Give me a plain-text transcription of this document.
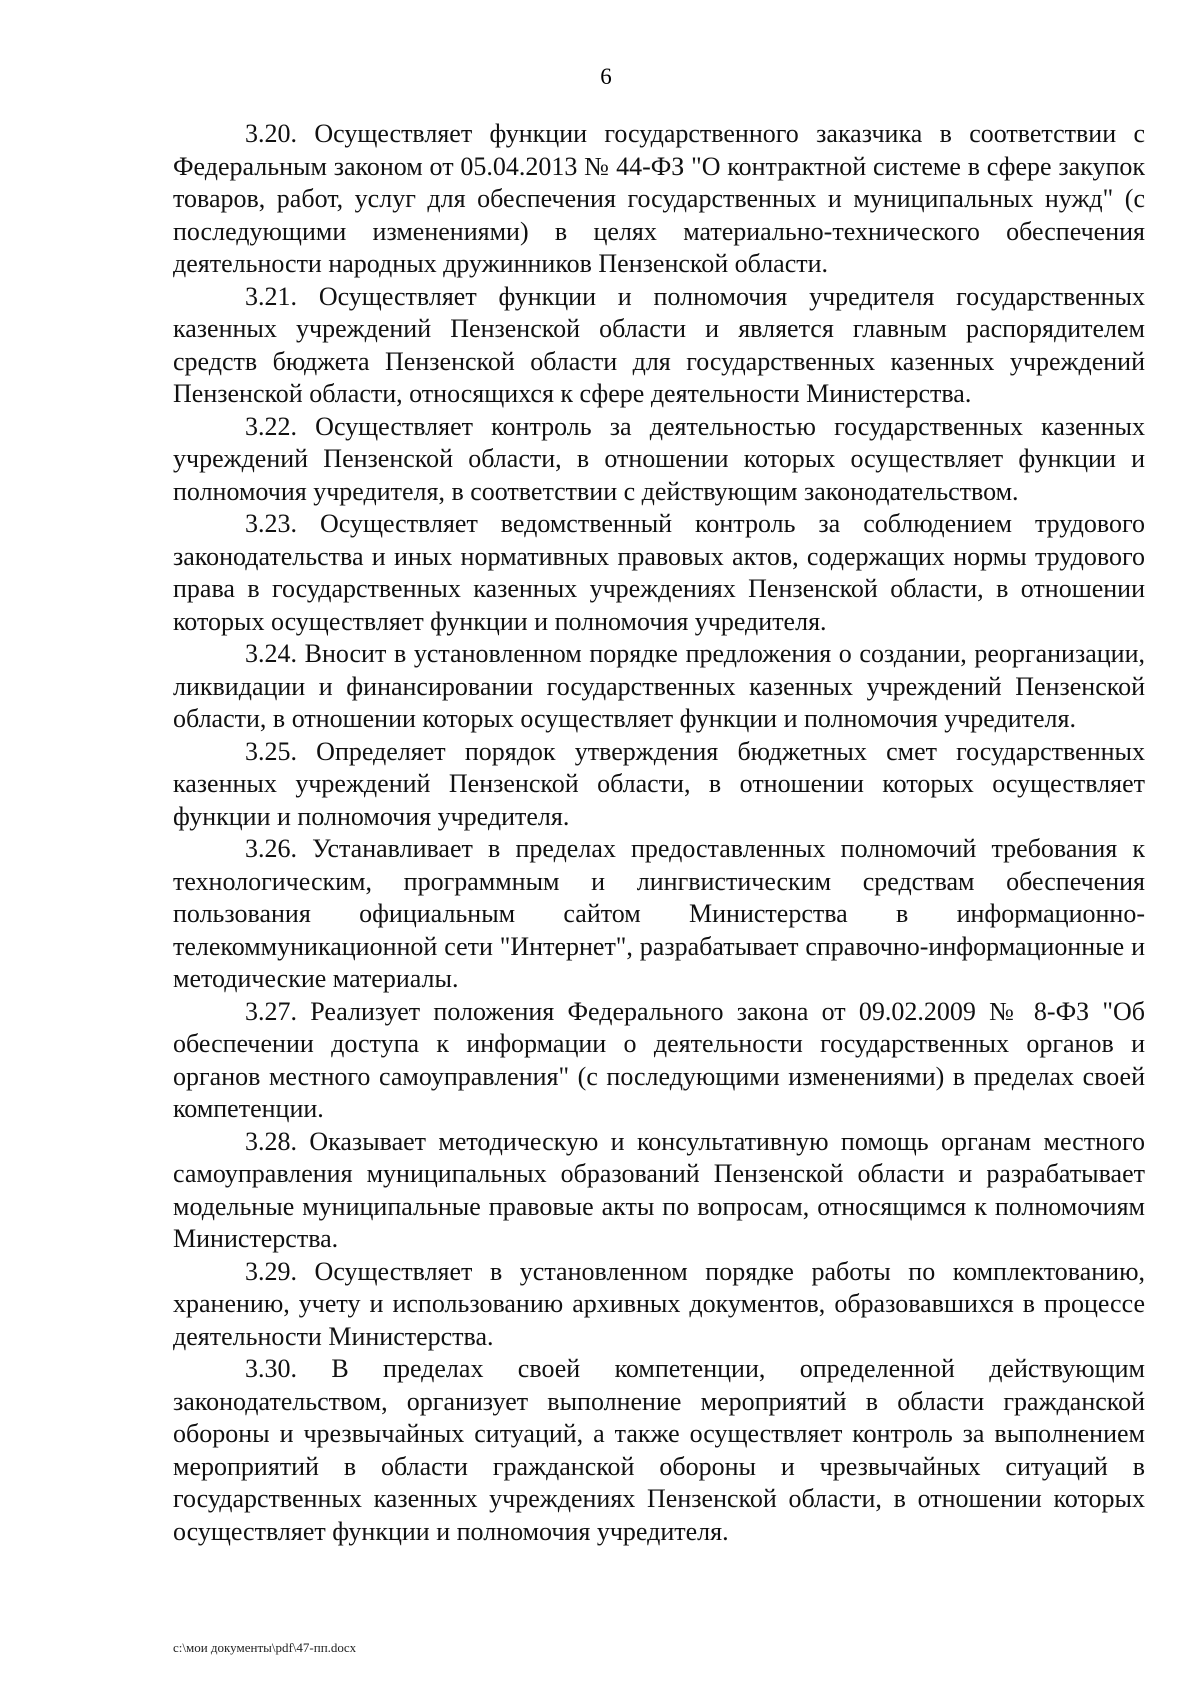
6

3.20. Осуществляет функции государственного заказчика в соответствии с Федеральным законом от 05.04.2013 № 44-ФЗ "О контрактной системе в сфере закупок товаров, работ, услуг для обеспечения государственных и муниципальных нужд" (с последующими изменениями) в целях материально-технического обеспечения деятельности народных дружинников Пензенской области.

3.21. Осуществляет функции и полномочия учредителя государственных казенных учреждений Пензенской области и является главным распорядителем средств бюджета Пензенской области для государственных казенных учреждений Пензенской области, относящихся к сфере деятельности Министерства.

3.22. Осуществляет контроль за деятельностью государственных казенных учреждений Пензенской области, в отношении которых осуществляет функции и полномочия учредителя, в соответствии с действующим законодательством.

3.23. Осуществляет ведомственный контроль за соблюдением трудового законодательства и иных нормативных правовых актов, содержащих нормы трудового права в государственных казенных учреждениях Пензенской области, в отношении которых осуществляет функции и полномочия учредителя.

3.24. Вносит в установленном порядке предложения о создании, реорганизации, ликвидации и финансировании государственных казенных учреждений Пензенской области, в отношении которых осуществляет функции и полномочия учредителя.

3.25. Определяет порядок утверждения бюджетных смет государственных казенных учреждений Пензенской области, в отношении которых осуществляет функции и полномочия учредителя.

3.26. Устанавливает в пределах предоставленных полномочий требования к технологическим, программным и лингвистическим средствам обеспечения пользования официальным сайтом Министерства в информационно-телекоммуникационной сети "Интернет", разрабатывает справочно-информационные и методические материалы.

3.27. Реализует положения Федерального закона от 09.02.2009 № 8-ФЗ "Об обеспечении доступа к информации о деятельности государственных органов и органов местного самоуправления" (с последующими изменениями) в пределах своей компетенции.

3.28. Оказывает методическую и консультативную помощь органам местного самоуправления муниципальных образований Пензенской области и разрабатывает модельные муниципальные правовые акты по вопросам, относящимся к полномочиям Министерства.

3.29. Осуществляет в установленном порядке работы по комплектованию, хранению, учету и использованию архивных документов, образовавшихся в процессе деятельности Министерства.

3.30. В пределах своей компетенции, определенной действующим законодательством, организует выполнение мероприятий в области гражданской обороны и чрезвычайных ситуаций, а также осуществляет контроль за выполнением мероприятий в области гражданской обороны и чрезвычайных ситуаций в государственных казенных учреждениях Пензенской области, в отношении которых осуществляет функции и полномочия учредителя.

c:\мои документы\pdf\47-пп.docx
